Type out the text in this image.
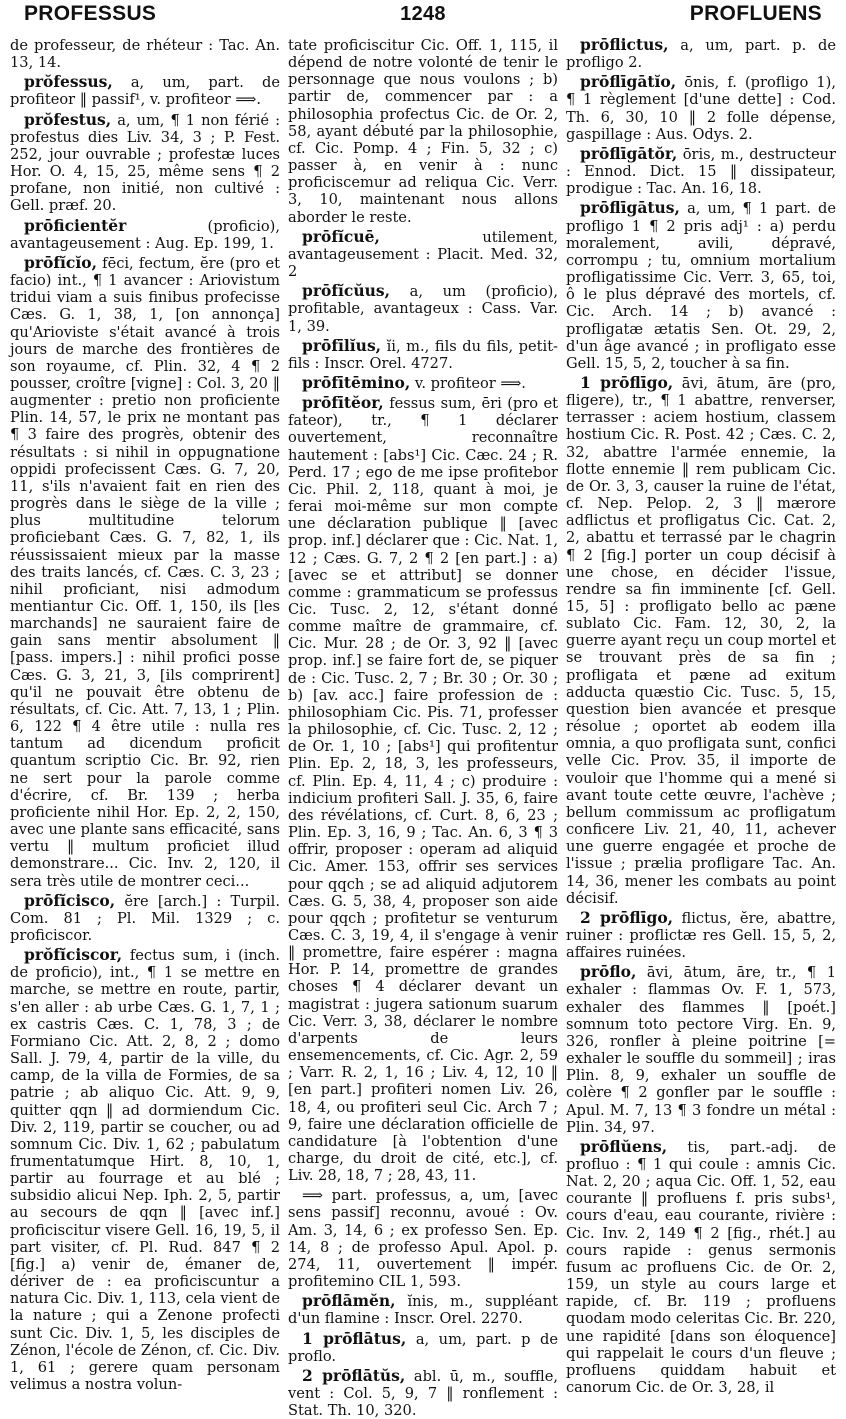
PROFESSUS	1248	PROFLUENS

de professeur, de rhéteur : Tac. An. 13, 14.

prŏfessus, a, um, part. de profiteor ‖ passif¹, v. profiteor ⟹.

prŏfestus, a, um, ¶ 1 non férié : profestus dies Liv. 34, 3 ; P. Fest. 252, jour ouvrable ; profestæ luces Hor. O. 4, 15, 25, même sens ¶ 2 profane, non initié, non cultivé : Gell. præf. 20.

prōficientĕr	(proficio), avantageusement : Aug. Ep. 199, 1.

prōfĭcĭo, fēci, fectum, ĕre (pro et facio) int., ¶ 1 avancer : Ariovistum tridui viam a suis finibus profecisse Cæs. G. 1, 38, 1, [on annonça] qu'Arioviste s'était avancé à trois jours de marche des frontières de son royaume, cf. Plin. 32, 4 ¶ 2 pousser, croître [vigne] : Col. 3, 20 ‖ augmenter : pretio non proficiente Plin. 14, 57, le prix ne montant pas ¶ 3 faire des progrès, obtenir des résultats : si nihil in oppugnatione oppidi profecissent Cæs. G. 7, 20, 11, s'ils n'avaient fait en rien des progrès dans le siège de la ville ; plus multitudine telorum proficiebant Cæs. G. 7, 82, 1, ils réussissaient mieux par la masse des traits lancés, cf. Cæs. C. 3, 23 ; nihil proficiant, nisi admodum mentiantur Cic. Off. 1, 150, ils [les marchands] ne sauraient faire de gain sans mentir absolument ‖ [pass. impers.] : nihil profici posse Cæs. G. 3, 21, 3, [ils comprirent] qu'il ne pouvait être obtenu de résultats, cf. Cic. Att. 7, 13, 1 ; Plin. 6, 122 ¶ 4 être utile : nulla res tantum ad dicendum proficit quantum scriptio Cic. Br. 92, rien ne sert pour la parole comme d'écrire, cf. Br. 139 ; herba proficiente nihil Hor. Ep. 2, 2, 150, avec une plante sans efficacité, sans vertu ‖ multum proficiet illud demonstrare... Cic. Inv. 2, 120, il sera très utile de montrer ceci...

prōfĭcisco, ĕre [arch.] : Turpil. Com. 81 ; Pl. Mil. 1329 ; c. proficiscor.

prŏfĭciscor, fectus sum, i (inch. de proficio), int., ¶ 1 se mettre en marche, se mettre en route, partir, s'en aller : ab urbe Cæs. G. 1, 7, 1 ; ex castris Cæs. C. 1, 78, 3 ; de Formiano Cic. Att. 2, 8, 2 ; domo Sall. J. 79, 4, partir de la ville, du camp, de la villa de Formies, de sa patrie ; ab aliquo Cic. Att. 9, 9, quitter qqn ‖ ad dormiendum Cic. Div. 2, 119, partir se coucher, ou ad somnum Cic. Div. 1, 62 ; pabulatum frumentatumque Hirt. 8, 10, 1, partir au fourrage et au blé ; subsidio alicui Nep. Iph. 2, 5, partir au secours de qqn ‖ [avec inf.] proficiscitur visere Gell. 16, 19, 5, il part visiter, cf. Pl. Rud. 847 ¶ 2 [fig.] a) venir de, émaner de, dériver de : ea proficiscuntur a natura Cic. Div. 1, 113, cela vient de la nature ; qui a Zenone profecti sunt Cic. Div. 1, 5, les disciples de Zénon, l'école de Zénon, cf. Cic. Div. 1, 61 ; gerere quam personam velimus a nostra volun-

tate proficiscitur Cic. Off. 1, 115, il dépend de notre volonté de tenir le personnage que nous voulons ; b) partir de, commencer par : a philosophia profectus Cic. de Or. 2, 58, ayant débuté par la philosophie, cf. Cic. Pomp. 4 ; Fin. 5, 32 ; c) passer à, en venir à : nunc proficiscemur ad reliqua Cic. Verr. 3, 10, maintenant nous allons aborder le reste.

prōfĭcuē,	utilement, avantageusement : Placit. Med. 32, 2

prōfĭcŭus, a, um (proficio), profitable, avantageux : Cass. Var. 1, 39.

prōfīlĭus, ĭi, m., fils du fils, petit-fils : Inscr. Orel. 4727.

prōfītēmino, v. profiteor ⟹.

prōfītĕor, fessus sum, ēri (pro et fateor), tr., ¶ 1 déclarer ouvertement, reconnaître hautement : [abs¹] Cic. Cæc. 24 ; R. Perd. 17 ; ego de me ipse profitebor Cic. Phil. 2, 118, quant à moi, je ferai moi-même sur mon compte une déclaration publique ‖ [avec prop. inf.] déclarer que : Cic. Nat. 1, 12 ; Cæs. G. 7, 2 ¶ 2 [en part.] : a) [avec se et attribut] se donner comme : grammaticum se professus Cic. Tusc. 2, 12, s'étant donné comme maître de grammaire, cf. Cic. Mur. 28 ; de Or. 3, 92 ‖ [avec prop. inf.] se faire fort de, se piquer de : Cic. Tusc. 2, 7 ; Br. 30 ; Or. 30 ; b) [av. acc.] faire profession de : philosophiam Cic. Pis. 71, professer la philosophie, cf. Cic. Tusc. 2, 12 ; de Or. 1, 10 ; [abs¹] qui profitentur Plin. Ep. 2, 18, 3, les professeurs, cf. Plin. Ep. 4, 11, 4 ; c) produire : indicium profiteri Sall. J. 35, 6, faire des révélations, cf. Curt. 8, 6, 23 ; Plin. Ep. 3, 16, 9 ; Tac. An. 6, 3 ¶ 3 offrir, proposer : operam ad aliquid Cic. Amer. 153, offrir ses services pour qqch ; se ad aliquid adjutorem Cæs. G. 5, 38, 4, proposer son aide pour qqch ; profitetur se venturum Cæs. C. 3, 19, 4, il s'engage à venir ‖ promettre, faire espérer : magna Hor. P. 14, promettre de grandes choses ¶ 4 déclarer devant un magistrat : jugera sationum suarum Cic. Verr. 3, 38, déclarer le nombre d'arpents de leurs ensemencements, cf. Cic. Agr. 2, 59 ; Varr. R. 2, 1, 16 ; Liv. 4, 12, 10 ‖ [en part.] profiteri nomen Liv. 26, 18, 4, ou profiteri seul Cic. Arch 7 ; 9, faire une déclaration officielle de candidature [à l'obtention d'une charge, du droit de cité, etc.], cf. Liv. 28, 18, 7 ; 28, 43, 11.

⟹ part. professus, a, um, [avec sens passif] reconnu, avoué : Ov. Am. 3, 14, 6 ; ex professo Sen. Ep. 14, 8 ; de professo Apul. Apol. p. 274, 11, ouvertement ‖ impér. profitemino CIL 1, 593.

prōflāmĕn, ĭnis, m., suppléant d'un flamine : Inscr. Orel. 2270.

1 prōflātus, a, um, part. p de proflo.

2 prōflātŭs, abl. ū, m., souffle, vent : Col. 5, 9, 7 ‖ ronflement : Stat. Th. 10, 320.

prōflictus, a, um, part. p. de profligo 2.

prōflīgātĭo, ōnis, f. (profligo 1), ¶ 1 règlement [d'une dette] : Cod. Th. 6, 30, 10 ‖ 2 folle dépense, gaspillage : Aus. Odys. 2.

prōflīgātŏr, ōris, m., destructeur : Ennod. Dict. 15 ‖ dissipateur, prodigue : Tac. An. 16, 18.

prōflīgātus, a, um, ¶ 1 part. de profligo 1 ¶ 2 pris adj¹ : a) perdu moralement, avili, dépravé, corrompu ; tu, omnium mortalium profligatissime Cic. Verr. 3, 65, toi, ô le plus dépravé des mortels, cf. Cic. Arch. 14 ; b) avancé : profligatæ ætatis Sen. Ot. 29, 2, d'un âge avancé ; in profligato esse Gell. 15, 5, 2, toucher à sa fin.

1 prōflīgo, āvi, ātum, āre (pro, fligere), tr., ¶ 1 abattre, renverser, terrasser : aciem hostium, classem hostium Cic. R. Post. 42 ; Cæs. C. 2, 32, abattre l'armée ennemie, la flotte ennemie ‖ rem publicam Cic. de Or. 3, 3, causer la ruine de l'état, cf. Nep. Pelop. 2, 3 ‖ mærore adflictus et profligatus Cic. Cat. 2, 2, abattu et terrassé par le chagrin ¶ 2 [fig.] porter un coup décisif à une chose, en décider l'issue, rendre sa fin imminente [cf. Gell. 15, 5] : profligato bello ac pæne sublato Cic. Fam. 12, 30, 2, la guerre ayant reçu un coup mortel et se trouvant près de sa fin ; profligata et pæne ad exitum adducta quæstio Cic. Tusc. 5, 15, question bien avancée et presque résolue ; oportet ab eodem illa omnia, a quo profligata sunt, confici velle Cic. Prov. 35, il importe de vouloir que l'homme qui a mené si avant toute cette œuvre, l'achève ; bellum commissum ac profligatum conficere Liv. 21, 40, 11, achever une guerre engagée et proche de l'issue ; prælia profligare Tac. An. 14, 36, mener les combats au point décisif.

2 prōflīgo, flictus, ĕre, abattre, ruiner : proflictæ res Gell. 15, 5, 2, affaires ruinées.

prōflo, āvi, ātum, āre, tr., ¶ 1 exhaler : flammas Ov. F. 1, 573, exhaler des flammes ‖ [poét.] somnum toto pectore Virg. En. 9, 326, ronfler à pleine poitrine [= exhaler le souffle du sommeil] ; iras Plin. 8, 9, exhaler un souffle de colère ¶ 2 gonfler par le souffle : Apul. M. 7, 13 ¶ 3 fondre un métal : Plin. 34, 97.

prōflŭens, tis, part.-adj. de profluo : ¶ 1 qui coule : amnis Cic. Nat. 2, 20 ; aqua Cic. Off. 1, 52, eau courante ‖ profluens f. pris subs¹, cours d'eau, eau courante, rivière : Cic. Inv. 2, 149 ¶ 2 [fig., rhét.] au cours rapide : genus sermonis fusum ac profluens Cic. de Or. 2, 159, un style au cours large et rapide, cf. Br. 119 ; profluens quodam modo celeritas Cic. Br. 220, une rapidité [dans son éloquence] qui rappelait le cours d'un fleuve ; profluens quiddam habuit et canorum Cic. de Or. 3, 28, il
